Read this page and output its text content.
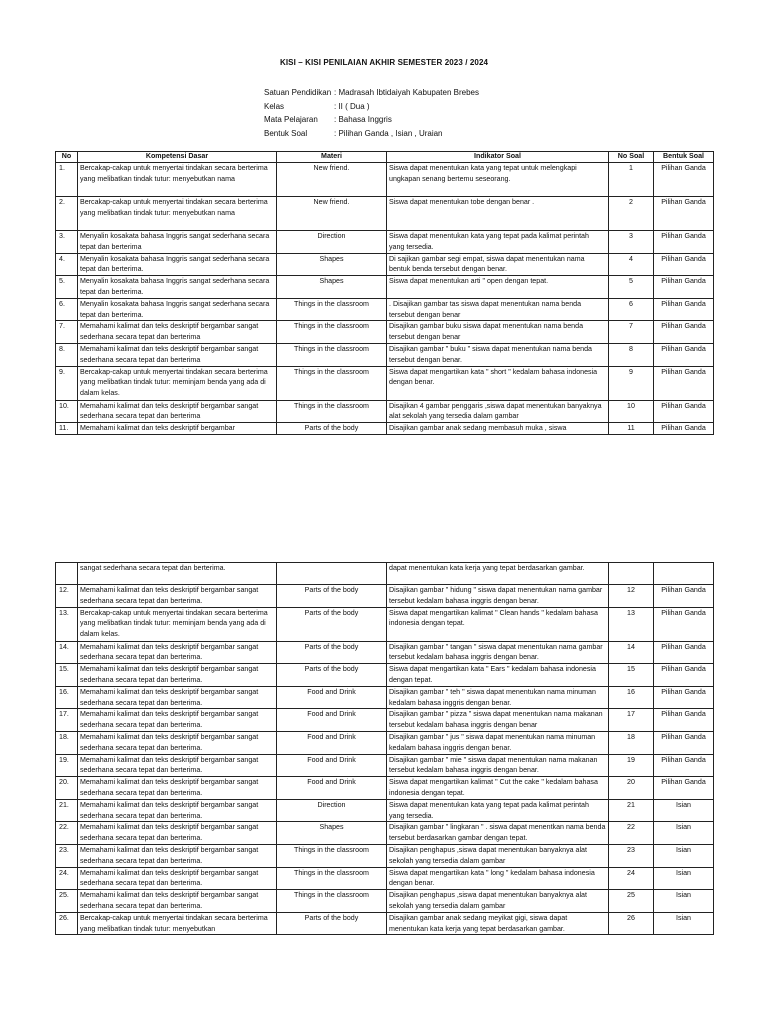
KISI – KISI PENILAIAN AKHIR SEMESTER 2023 / 2024
Satuan Pendidikan : Madrasah Ibtidaiyah Kabupaten Brebes
Kelas	: II ( Dua )
Mata Pelajaran	: Bahasa Inggris
Bentuk Soal	: Pilihan Ganda , Isian , Uraian
No	Kompetensi Dasar	Materi	Indikator Soal	No Soal	Bentuk Soal
1.	Bercakap-cakap untuk menyertai tindakan secara berterima yang melibatkan tindak tutur: menyebutkan nama	New friend.	Siswa dapat menentukan kata yang tepat untuk melengkapi ungkapan senang bertemu seseorang.	1	Pilihan Ganda
2.	Bercakap-cakap untuk menyertai tindakan secara berterima yang melibatkan tindak tutur: menyebutkan nama	New friend.	Siswa dapat menentukan tobe dengan benar .	2	Pilihan Ganda
3.	Menyalin kosakata bahasa Inggris sangat sederhana secara tepat dan berterima	Direction	Siswa dapat menentukan kata yang tepat pada kalimat perintah yang tersedia.	3	Pilihan Ganda
4.	Menyalin kosakata bahasa Inggris sangat sederhana secara tepat dan berterima.	Shapes	Di sajikan gambar segi empat, siswa dapat menentukan nama bentuk benda tersebut dengan benar.	4	Pilihan Ganda
5.	Menyalin kosakata bahasa Inggris sangat sederhana secara tepat dan berterima.	Shapes	Siswa dapat menentukan arti " open dengan tepat.	5	Pilihan Ganda
6.	Menyalin kosakata bahasa Inggris sangat sederhana secara tepat dan berterima.	Things in the classroom	. Disajikan gambar tas siswa dapat menentukan nama benda tersebut dengan benar	6	Pilihan Ganda
7.	Memahami kalimat dan teks deskriptif bergambar sangat sederhana secara tepat dan berterima	Things in the classroom	Disajikan gambar buku siswa dapat menentukan nama benda tersebut dengan benar	7	Pilihan Ganda
8.	Memahami kalimat dan teks deskriptif bergambar sangat sederhana secara tepat dan berterima	Things in the classroom	Disajikan gambar " buku " siswa dapat menentukan nama benda tersebut dengan benar.	8	Pilihan Ganda
9.	Bercakap-cakap untuk menyertai tindakan secara berterima yang melibatkan tindak tutur: meminjam benda yang ada di dalam kelas.	Things in the classroom	Siswa dapat mengartikan kata " short " kedalam bahasa indonesia dengan benar.	9	Pilihan Ganda
10.	Memahami kalimat dan teks deskriptif bergambar sangat sederhana secara tepat dan berterima	Things in the classroom	Disajikan 4 gambar penggaris ,siswa dapat menentukan banyaknya alat sekolah yang tersedia dalam gambar	10	Pilihan Ganda
11.	Memahami kalimat dan teks deskriptif bergambar	Parts of the body	Disajikan gambar anak sedang membasuh muka , siswa	11	Pilihan Ganda
	sangat sederhana secara tepat dan berterima.		dapat menentukan kata kerja yang tepat berdasarkan gambar.		
12.	Memahami kalimat dan teks deskriptif bergambar sangat sederhana secara tepat dan berterima.	Parts of the body	Disajikan gambar " hidung " siswa dapat menentukan nama gambar tersebut kedalam bahasa inggris dengan benar.	12	Pilihan Ganda
13.	Bercakap-cakap untuk menyertai tindakan secara berterima yang melibatkan tindak tutur: meminjam benda yang ada di dalam kelas.	Parts of the body	Siswa dapat mengartikan kalimat " Clean hands " kedalam bahasa indonesia dengan tepat.	13	Pilihan Ganda
14.	Memahami kalimat dan teks deskriptif bergambar sangat sederhana secara tepat dan berterima.	Parts of the body	Disajikan gambar " tangan " siswa dapat menentukan nama gambar tersebut kedalam bahasa inggris dengan benar.	14	Pilihan Ganda
15.	Memahami kalimat dan teks deskriptif bergambar sangat sederhana secara tepat dan berterima.	Parts of the body	Siswa dapat mengartikan kata " Ears " kedalam bahasa indonesia dengan tepat.	15	Pilihan Ganda
16.	Memahami kalimat dan teks deskriptif bergambar sangat sederhana secara tepat dan berterima.	Food and Drink	Disajikan gambar " teh " siswa dapat menentukan nama minuman kedalam bahasa inggris dengan benar.	16	Pilihan Ganda
17.	Memahami kalimat dan teks deskriptif bergambar sangat sederhana secara tepat dan berterima.	Food and Drink	Disajikan gambar " pizza " siswa dapat menentukan nama makanan tersebut kedalam bahasa inggris dengan benar	17	Pilihan Ganda
18.	Memahami kalimat dan teks deskriptif bergambar sangat sederhana secara tepat dan berterima.	Food and Drink	Disajikan gambar " jus " siswa dapat menentukan nama minuman kedalam bahasa inggris dengan benar.	18	Pilihan Ganda
19.	Memahami kalimat dan teks deskriptif bergambar sangat sederhana secara tepat dan berterima.	Food and Drink	Disajikan gambar " mie " siswa dapat menentukan nama makanan tersebut kedalam bahasa inggris dengan benar.	19	Pilihan Ganda
20.	Memahami kalimat dan teks deskriptif bergambar sangat sederhana secara tepat dan berterima.	Food and Drink	Siswa dapat mengartikan kalimat " Cut the cake " kedalam bahasa indonesia dengan tepat.	20	Pilihan Ganda
21.	Memahami kalimat dan teks deskriptif bergambar sangat sederhana secara tepat dan berterima.	Direction	Siswa dapat menentukan kata yang tepat pada kalimat perintah yang tersedia.	21	Isian
22.	Memahami kalimat dan teks deskriptif bergambar sangat sederhana secara tepat dan berterima.	Shapes	Disajikan gambar " lingkaran " . siswa dapat menentkan nama benda tersebut berdasarkan gambar dengan tepat.	22	Isian
23.	Memahami kalimat dan teks deskriptif bergambar sangat sederhana secara tepat dan berterima.	Things in the classroom	Disajikan penghapus ,siswa dapat menentukan banyaknya alat sekolah yang tersedia dalam gambar	23	Isian
24.	Memahami kalimat dan teks deskriptif bergambar sangat sederhana secara tepat dan berterima.	Things in the classroom	Siswa dapat mengartikan kata " long " kedalam bahasa indonesia dengan benar.	24	Isian
25.	Memahami kalimat dan teks deskriptif bergambar sangat sederhana secara tepat dan berterima.	Things in the classroom	Disajikan penghapus ,siswa dapat menentukan banyaknya alat sekolah yang tersedia dalam gambar	25	Isian
26.	Bercakap-cakap untuk menyertai tindakan secara berterima yang melibatkan tindak tutur: menyebutkan	Parts of the body	Disajikan gambar anak sedang meyikat gigi, siswa dapat menentukan kata kerja yang tepat berdasarkan gambar.	26	Isian
